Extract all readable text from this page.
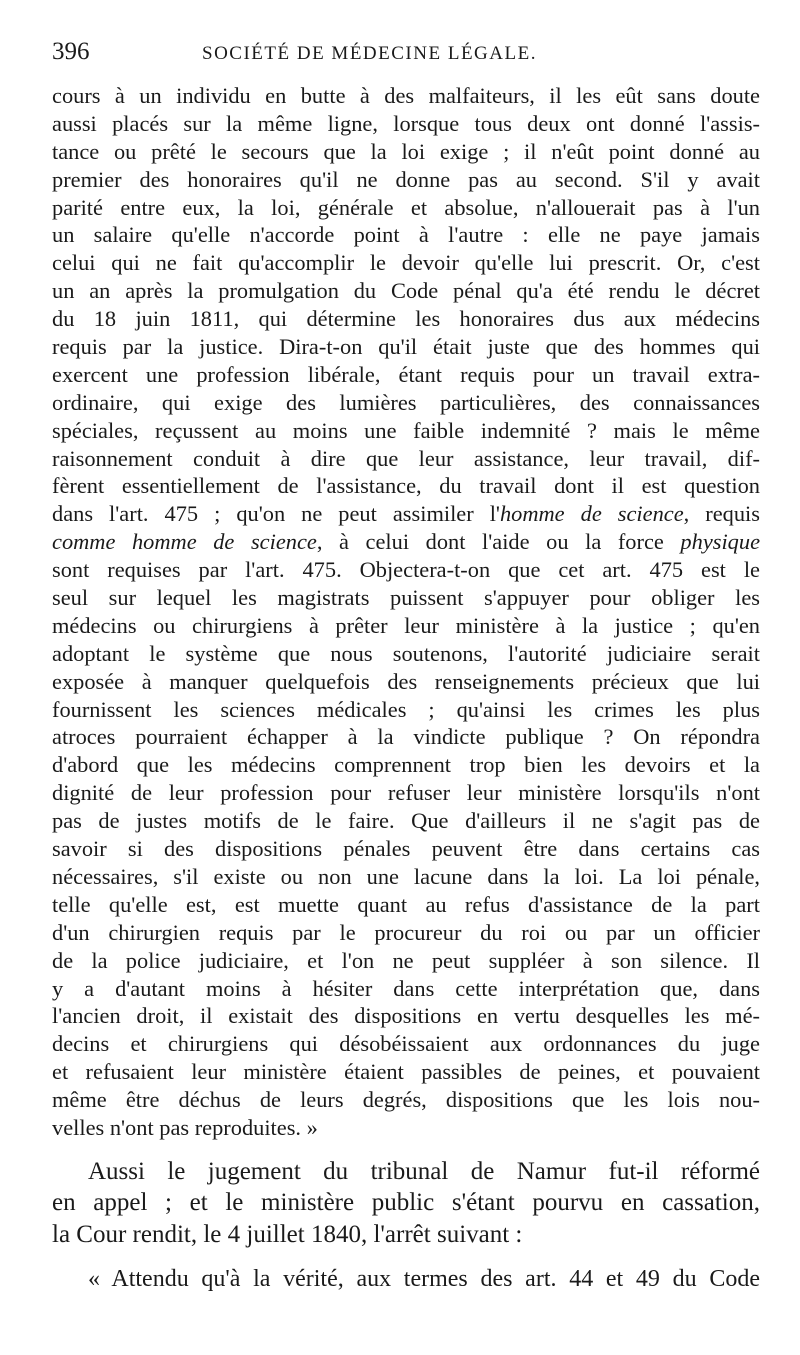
396	SOCIÉTÉ DE MÉDECINE LÉGALE.
cours à un individu en butte à des malfaiteurs, il les eût sans doute
aussi placés sur la même ligne, lorsque tous deux ont donné l'assis-
tance ou prêté le secours que la loi exige ; il n'eût point donné au
premier des honoraires qu'il ne donne pas au second. S'il y avait
parité entre eux, la loi, générale et absolue, n'allouerait pas à l'un
un salaire qu'elle n'accorde point à l'autre : elle ne paye jamais
celui qui ne fait qu'accomplir le devoir qu'elle lui prescrit. Or, c'est
un an après la promulgation du Code pénal qu'a été rendu le décret
du 18 juin 1811, qui détermine les honoraires dus aux médecins
requis par la justice. Dira-t-on qu'il était juste que des hommes qui
exercent une profession libérale, étant requis pour un travail extra-
ordinaire, qui exige des lumières particulières, des connaissances
spéciales, reçussent au moins une faible indemnité ? mais le même
raisonnement conduit à dire que leur assistance, leur travail, dif-
fèrent essentiellement de l'assistance, du travail dont il est question
dans l'art. 475 ; qu'on ne peut assimiler l'homme de science, requis
comme homme de science, à celui dont l'aide ou la force physique
sont requises par l'art. 475. Objectera-t-on que cet art. 475 est le
seul sur lequel les magistrats puissent s'appuyer pour obliger les
médecins ou chirurgiens à prêter leur ministère à la justice ; qu'en
adoptant le système que nous soutenons, l'autorité judiciaire serait
exposée à manquer quelquefois des renseignements précieux que lui
fournissent les sciences médicales ; qu'ainsi les crimes les plus
atroces pourraient échapper à la vindicte publique ? On répondra
d'abord que les médecins comprennent trop bien les devoirs et la
dignité de leur profession pour refuser leur ministère lorsqu'ils n'ont
pas de justes motifs de le faire. Que d'ailleurs il ne s'agit pas de
savoir si des dispositions pénales peuvent être dans certains cas
nécessaires, s'il existe ou non une lacune dans la loi. La loi pénale,
telle qu'elle est, est muette quant au refus d'assistance de la part
d'un chirurgien requis par le procureur du roi ou par un officier
de la police judiciaire, et l'on ne peut suppléer à son silence. Il
y a d'autant moins à hésiter dans cette interprétation que, dans
l'ancien droit, il existait des dispositions en vertu desquelles les mé-
decins et chirurgiens qui désobéissaient aux ordonnances du juge
et refusaient leur ministère étaient passibles de peines, et pouvaient
même être déchus de leurs degrés, dispositions que les lois nou-
velles n'ont pas reproduites. »
Aussi le jugement du tribunal de Namur fut-il réformé
en appel ; et le ministère public s'étant pourvu en cassation,
la Cour rendit, le 4 juillet 1840, l'arrêt suivant :
« Attendu qu'à la vérité, aux termes des art. 44 et 49 du Code
